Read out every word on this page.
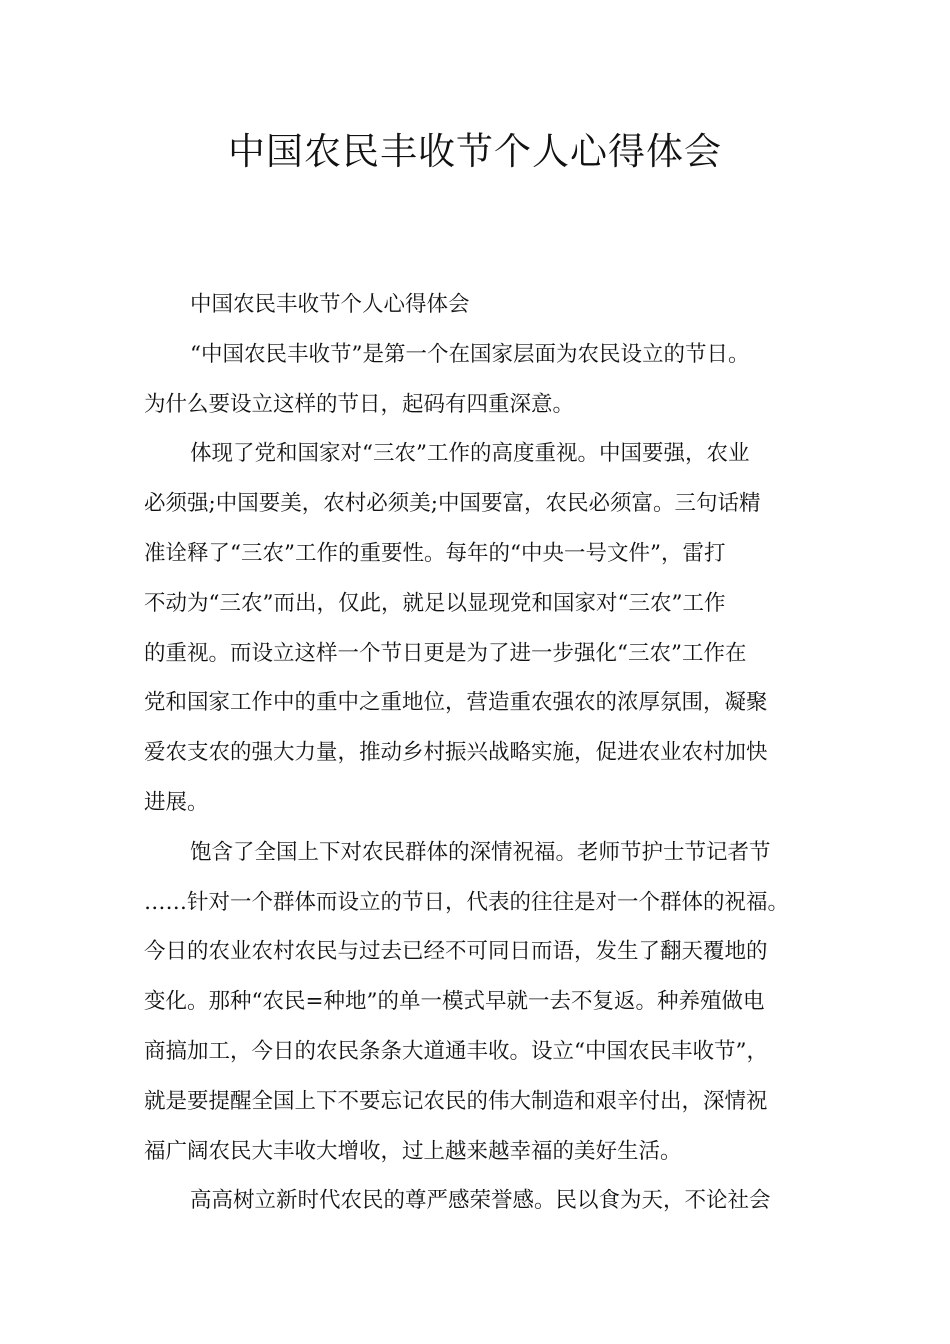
中国农民丰收节个人心得体会
中国农民丰收节个人心得体会
“中国农民丰收节”是第一个在国家层面为农民设立的节日。
为什么要设立这样的节日，起码有四重深意。
体现了党和国家对“三农”工作的高度重视。中国要强，农业
必须强;中国要美，农村必须美;中国要富，农民必须富。三句话精
准诠释了“三农”工作的重要性。每年的“中央一号文件”，雷打
不动为“三农”而出，仅此，就足以显现党和国家对“三农”工作
的重视。而设立这样一个节日更是为了进一步强化“三农”工作在
党和国家工作中的重中之重地位，营造重农强农的浓厚氛围，凝聚
爱农支农的强大力量，推动乡村振兴战略实施，促进农业农村加快
进展。
饱含了全国上下对农民群体的深情祝福。老师节护士节记者节
……针对一个群体而设立的节日，代表的往往是对一个群体的祝福。
今日的农业农村农民与过去已经不可同日而语，发生了翻天覆地的
变化。那种“农民=种地”的单一模式早就一去不复返。种养殖做电
商搞加工，今日的农民条条大道通丰收。设立“中国农民丰收节”，
就是要提醒全国上下不要忘记农民的伟大制造和艰辛付出，深情祝
福广阔农民大丰收大增收，过上越来越幸福的美好生活。
高高树立新时代农民的尊严感荣誉感。民以食为天，不论社会
